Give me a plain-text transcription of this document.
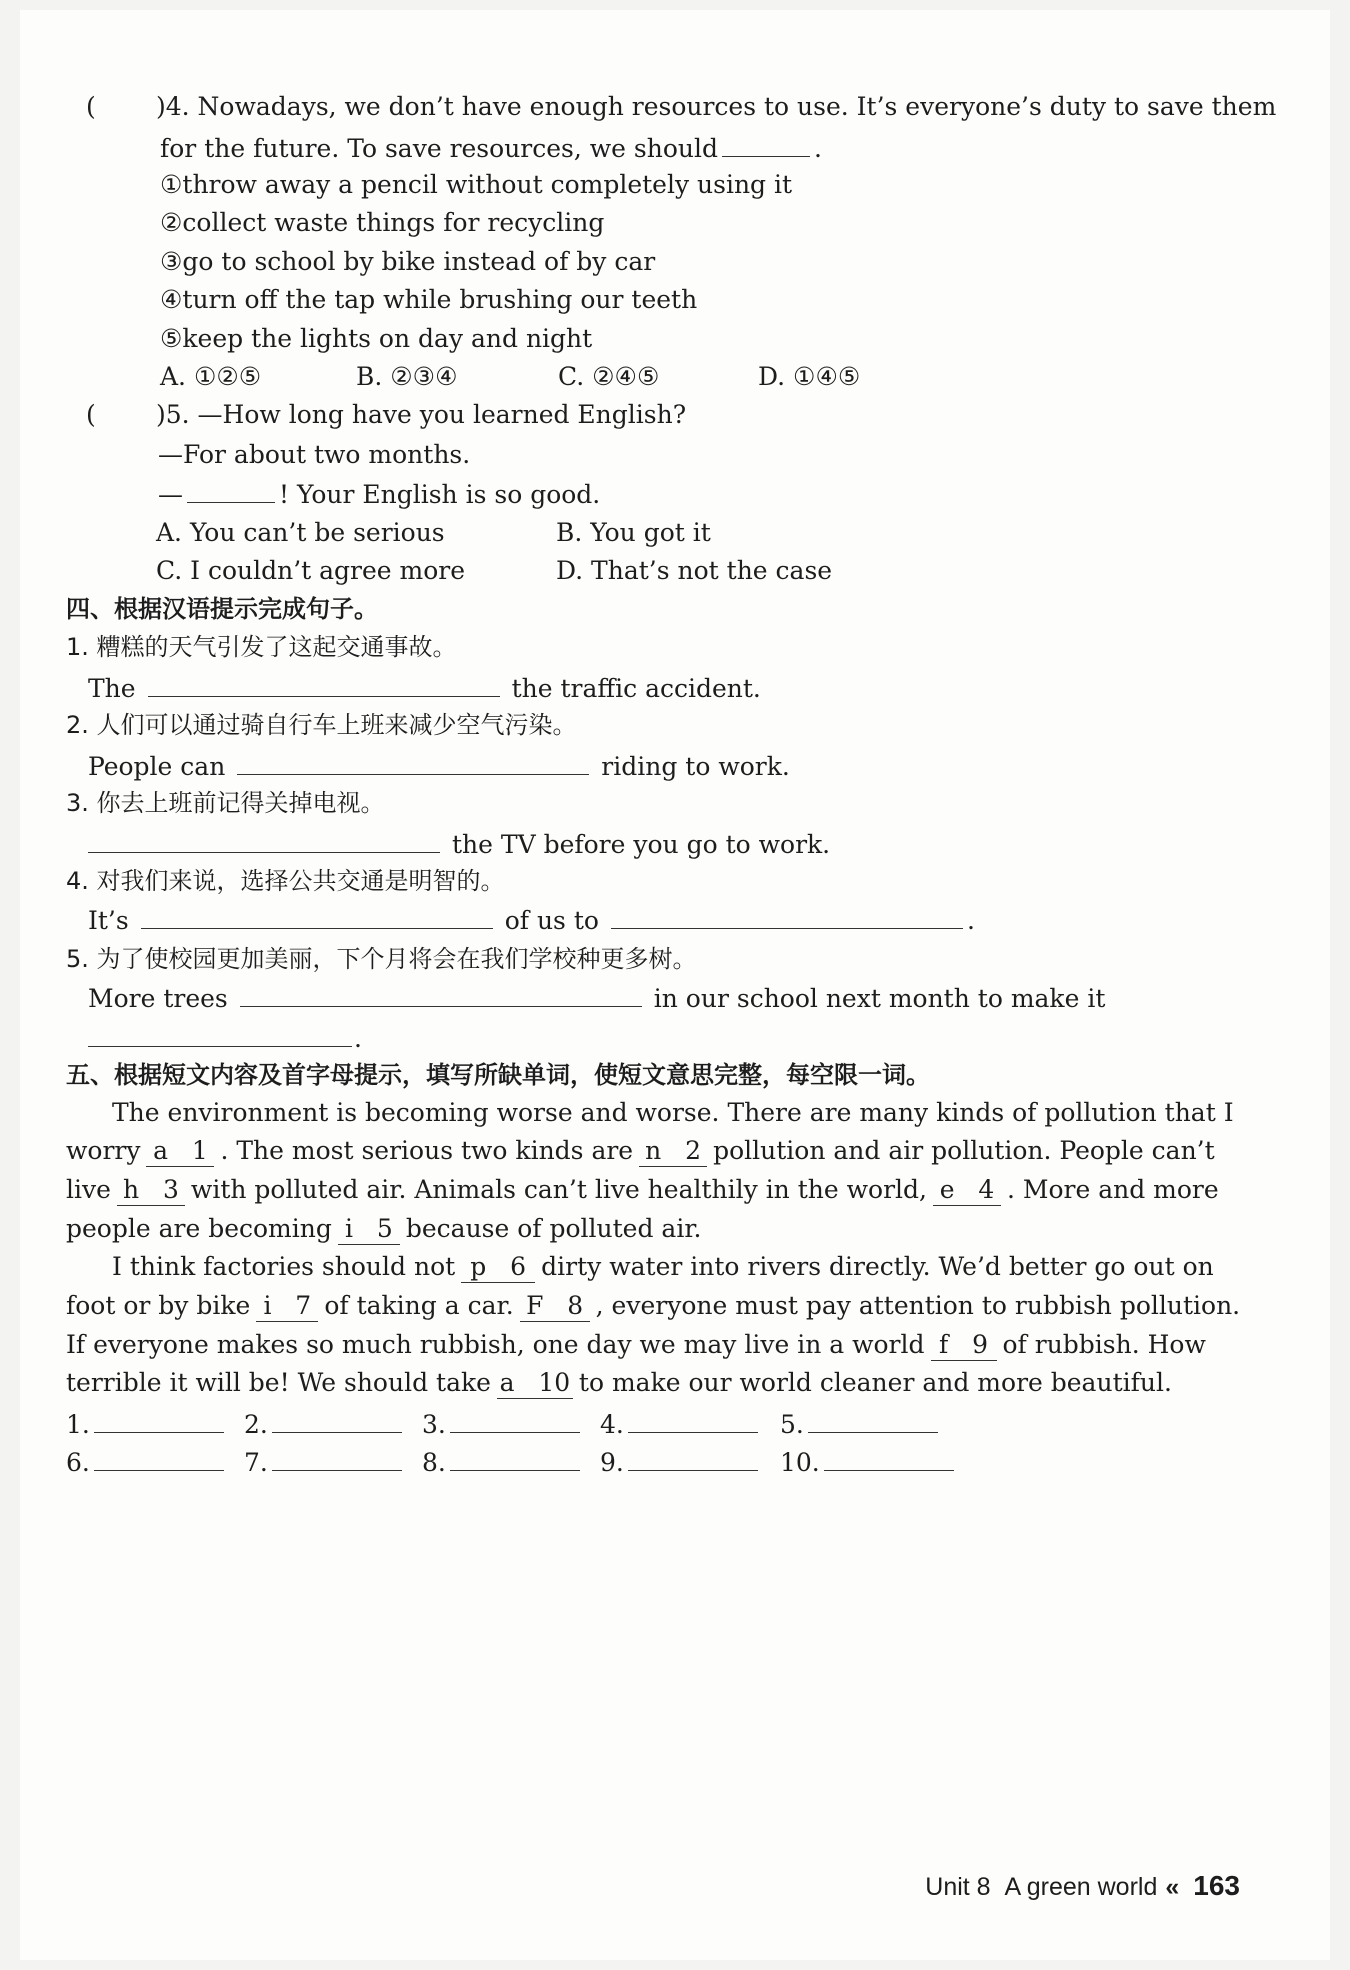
( )4. Nowadays, we don’t have enough resources to use. It’s everyone’s duty to save them
for the future. To save resources, we should	.
①throw away a pencil without completely using it
②collect waste things for recycling
③go to school by bike instead of by car
④turn off the tap while brushing our teeth
⑤keep the lights on day and night
A. ①②⑤	B. ②③④	C. ②④⑤	D. ①④⑤
( )5. —How long have you learned English?
—For about two months.
—	! Your English is so good.
A. You can’t be serious	B. You got it
C. I couldn’t agree more	D. That’s not the case
四、根据汉语提示完成句子。
1. 糟糕的天气引发了这起交通事故。
The	the traffic accident.
2. 人们可以通过骑自行车上班来减少空气污染。
People can	riding to work.
3. 你去上班前记得关掉电视。
the TV before you go to work.
4. 对我们来说，选择公共交通是明智的。
It’s	of us to	.
5. 为了使校园更加美丽，下个月将会在我们学校种更多树。
More trees	in our school next month to make it
.
五、根据短文内容及首字母提示，填写所缺单词，使短文意思完整，每空限一词。
The environment is becoming worse and worse. There are many kinds of pollution that I
worry a 1 . The most serious two kinds are n 2 pollution and air pollution. People can’t
live h 3 with polluted air. Animals can’t live healthily in the world, e 4 . More and more
people are becoming i 5 because of polluted air.
I think factories should not p 6 dirty water into rivers directly. We’d better go out on
foot or by bike i 7 of taking a car. F 8 , everyone must pay attention to rubbish pollution.
If everyone makes so much rubbish, one day we may live in a world f 9 of rubbish. How
terrible it will be! We should take a 10 to make our world cleaner and more beautiful.
1.	2.	3.	4.	5.
6.	7.	8.	9.	10.
Unit 8 A green world « 163
